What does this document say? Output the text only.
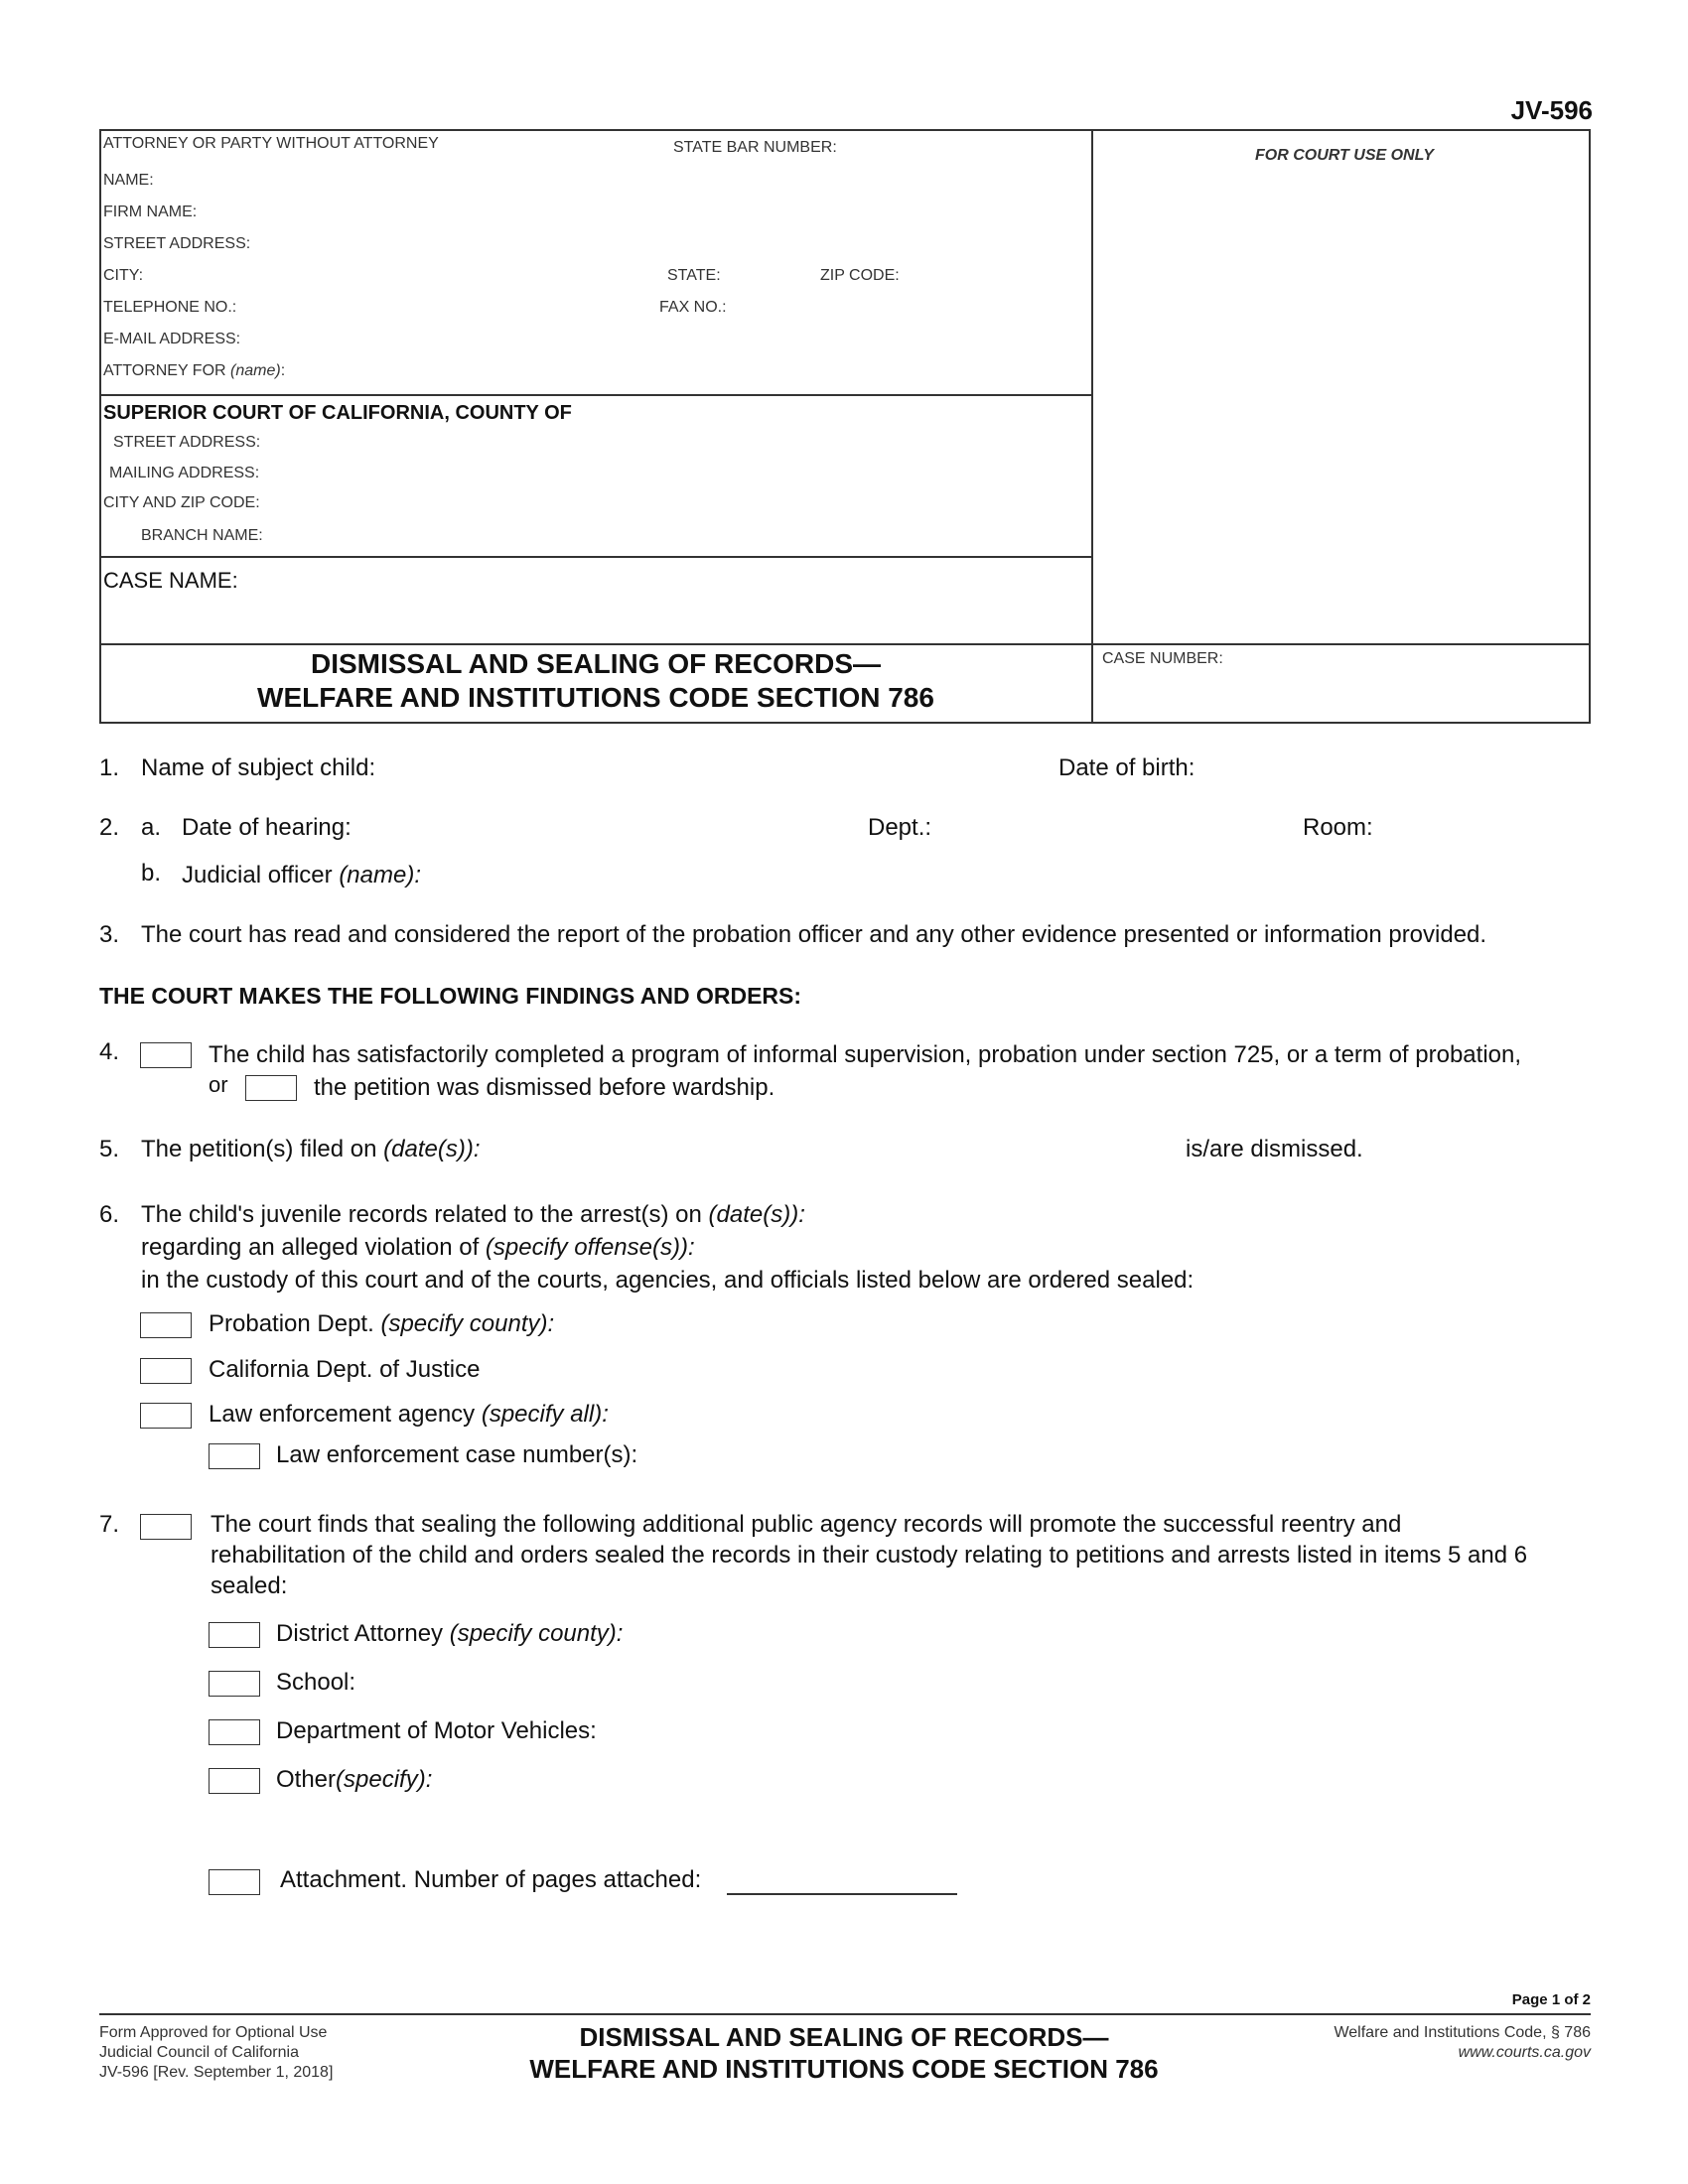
JV-596
ATTORNEY OR PARTY WITHOUT ATTORNEY	STATE BAR NUMBER:	FOR COURT USE ONLY
NAME:
FIRM NAME:
STREET ADDRESS:
CITY:	STATE:	ZIP CODE:
TELEPHONE NO.:	FAX NO.:
E-MAIL ADDRESS:
ATTORNEY FOR (name):
SUPERIOR COURT OF CALIFORNIA, COUNTY OF
STREET ADDRESS:
MAILING ADDRESS:
CITY AND ZIP CODE:
BRANCH NAME:
CASE NAME:
DISMISSAL AND SEALING OF RECORDS—
WELFARE AND INSTITUTIONS CODE SECTION 786
CASE NUMBER:
1. Name of subject child:	Date of birth:
2. a. Date of hearing:	Dept.:	Room:
b. Judicial officer (name):
3. The court has read and considered the report of the probation officer and any other evidence presented or information provided.
THE COURT MAKES THE FOLLOWING FINDINGS AND ORDERS:
4.	The child has satisfactorily completed a program of informal supervision, probation under section 725, or a term of probation,
or	the petition was dismissed before wardship.
5. The petition(s) filed on (date(s)):	is/are dismissed.
6. The child's juvenile records related to the arrest(s) on (date(s)):
regarding an alleged violation of (specify offense(s)):
in the custody of this court and of the courts, agencies, and officials listed below are ordered sealed:
Probation Dept. (specify county):
California Dept. of Justice
Law enforcement agency (specify all):
Law enforcement case number(s):
7.	The court finds that sealing the following additional public agency records will promote the successful reentry and
rehabilitation of the child and orders sealed the records in their custody relating to petitions and arrests listed in items 5 and 6
sealed:
District Attorney (specify county):
School:
Department of Motor Vehicles:
Other(specify):
Attachment. Number of pages attached:
Page 1 of 2
Form Approved for Optional Use
Judicial Council of California
JV-596 [Rev. September 1, 2018]
DISMISSAL AND SEALING OF RECORDS—
WELFARE AND INSTITUTIONS CODE SECTION 786
Welfare and Institutions Code, § 786
www.courts.ca.gov
